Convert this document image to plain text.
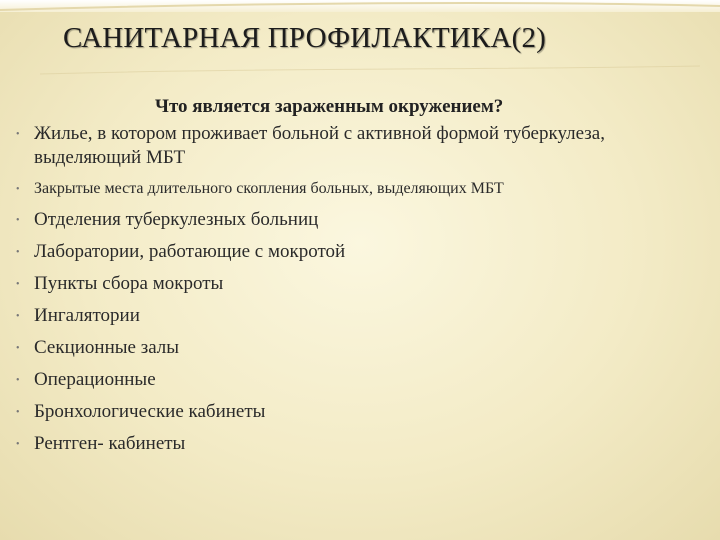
САНИТАРНАЯ ПРОФИЛАКТИКА(2)
Что является зараженным окружением?
• Жилье, в котором проживает больной с активной формой туберкулеза, выделяющий МБТ
• Закрытые места длительного скопления больных, выделяющих МБТ
• Отделения туберкулезных больниц
• Лаборатории, работающие с мокротой
• Пункты сбора мокроты
• Ингалятории
• Секционные залы
• Операционные
• Бронхологические кабинеты
• Рентген- кабинеты
